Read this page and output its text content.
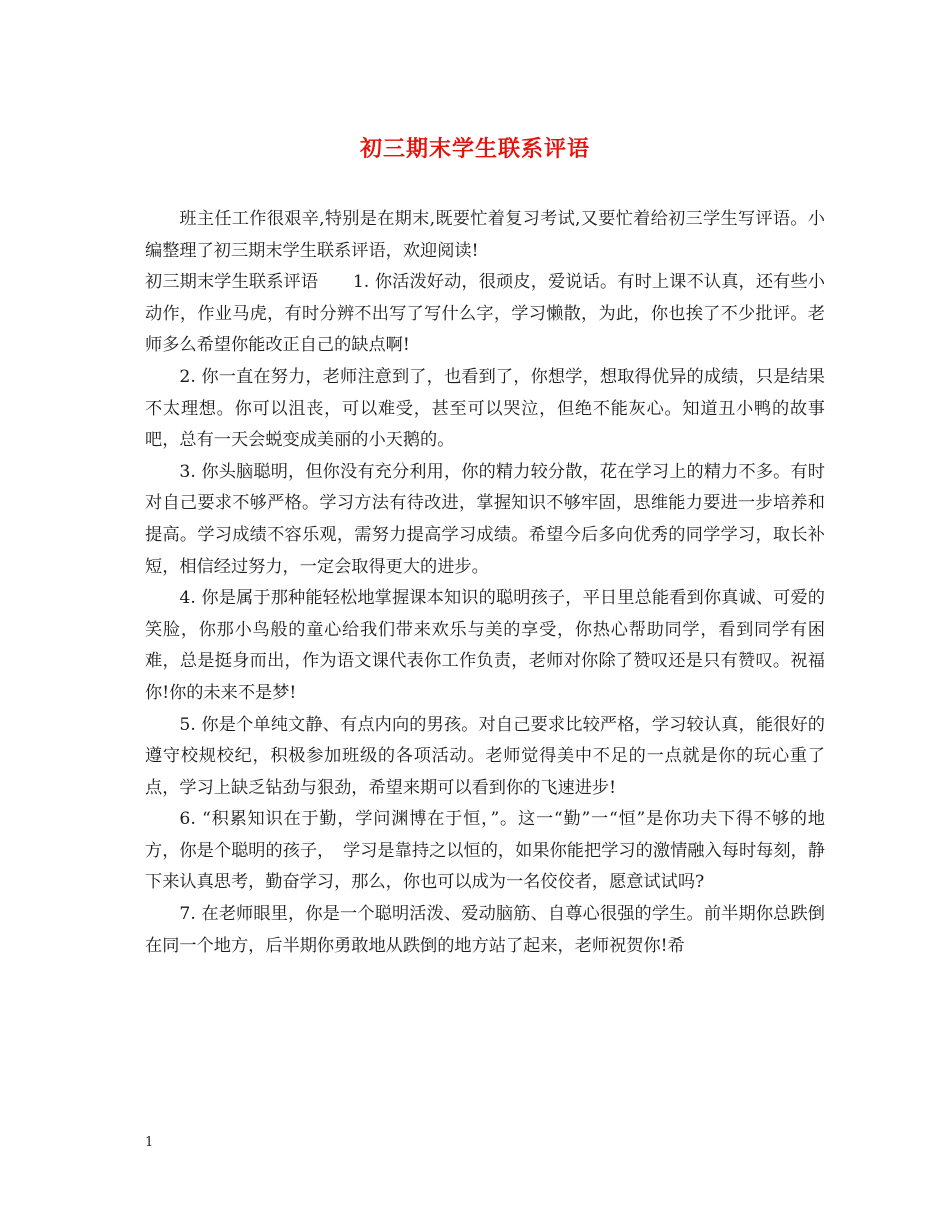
初三期末学生联系评语

班主任工作很艰辛,特别是在期末,既要忙着复习考试,又要忙着给初三学生写评语。小编整理了初三期末学生联系评语，欢迎阅读!

初三期末学生联系评语　　1. 你活泼好动，很顽皮，爱说话。有时上课不认真，还有些小动作，作业马虎，有时分辨不出写了写什么字，学习懒散，为此，你也挨了不少批评。老师多么希望你能改正自己的缺点啊!

2. 你一直在努力，老师注意到了，也看到了，你想学，想取得优异的成绩，只是结果不太理想。你可以沮丧，可以难受，甚至可以哭泣，但绝不能灰心。知道丑小鸭的故事吧，总有一天会蜕变成美丽的小天鹅的。

3. 你头脑聪明，但你没有充分利用，你的精力较分散，花在学习上的精力不多。有时对自己要求不够严格。学习方法有待改进，掌握知识不够牢固，思维能力要进一步培养和提高。学习成绩不容乐观，需努力提高学习成绩。希望今后多向优秀的同学学习，取长补短，相信经过努力，一定会取得更大的进步。

4. 你是属于那种能轻松地掌握课本知识的聪明孩子，平日里总能看到你真诚、可爱的笑脸，你那小鸟般的童心给我们带来欢乐与美的享受，你热心帮助同学，看到同学有困难，总是挺身而出，作为语文课代表你工作负责，老师对你除了赞叹还是只有赞叹。祝福你!你的未来不是梦!

5. 你是个单纯文静、有点内向的男孩。对自己要求比较严格，学习较认真，能很好的遵守校规校纪，积极参加班级的各项活动。老师觉得美中不足的一点就是你的玩心重了点，学习上缺乏钻劲与狠劲，希望来期可以看到你的飞速进步!

6. “积累知识在于勤，学问渊博在于恒，”。这一“勤”一“恒”是你功夫下得不够的地方，你是个聪明的孩子，　学习是靠持之以恒的，如果你能把学习的激情融入每时每刻，静下来认真思考，勤奋学习，那么，你也可以成为一名佼佼者，愿意试试吗?

7. 在老师眼里，你是一个聪明活泼、爱动脑筋、自尊心很强的学生。前半期你总跌倒在同一个地方，后半期你勇敢地从跌倒的地方站了起来，老师祝贺你!希

1
